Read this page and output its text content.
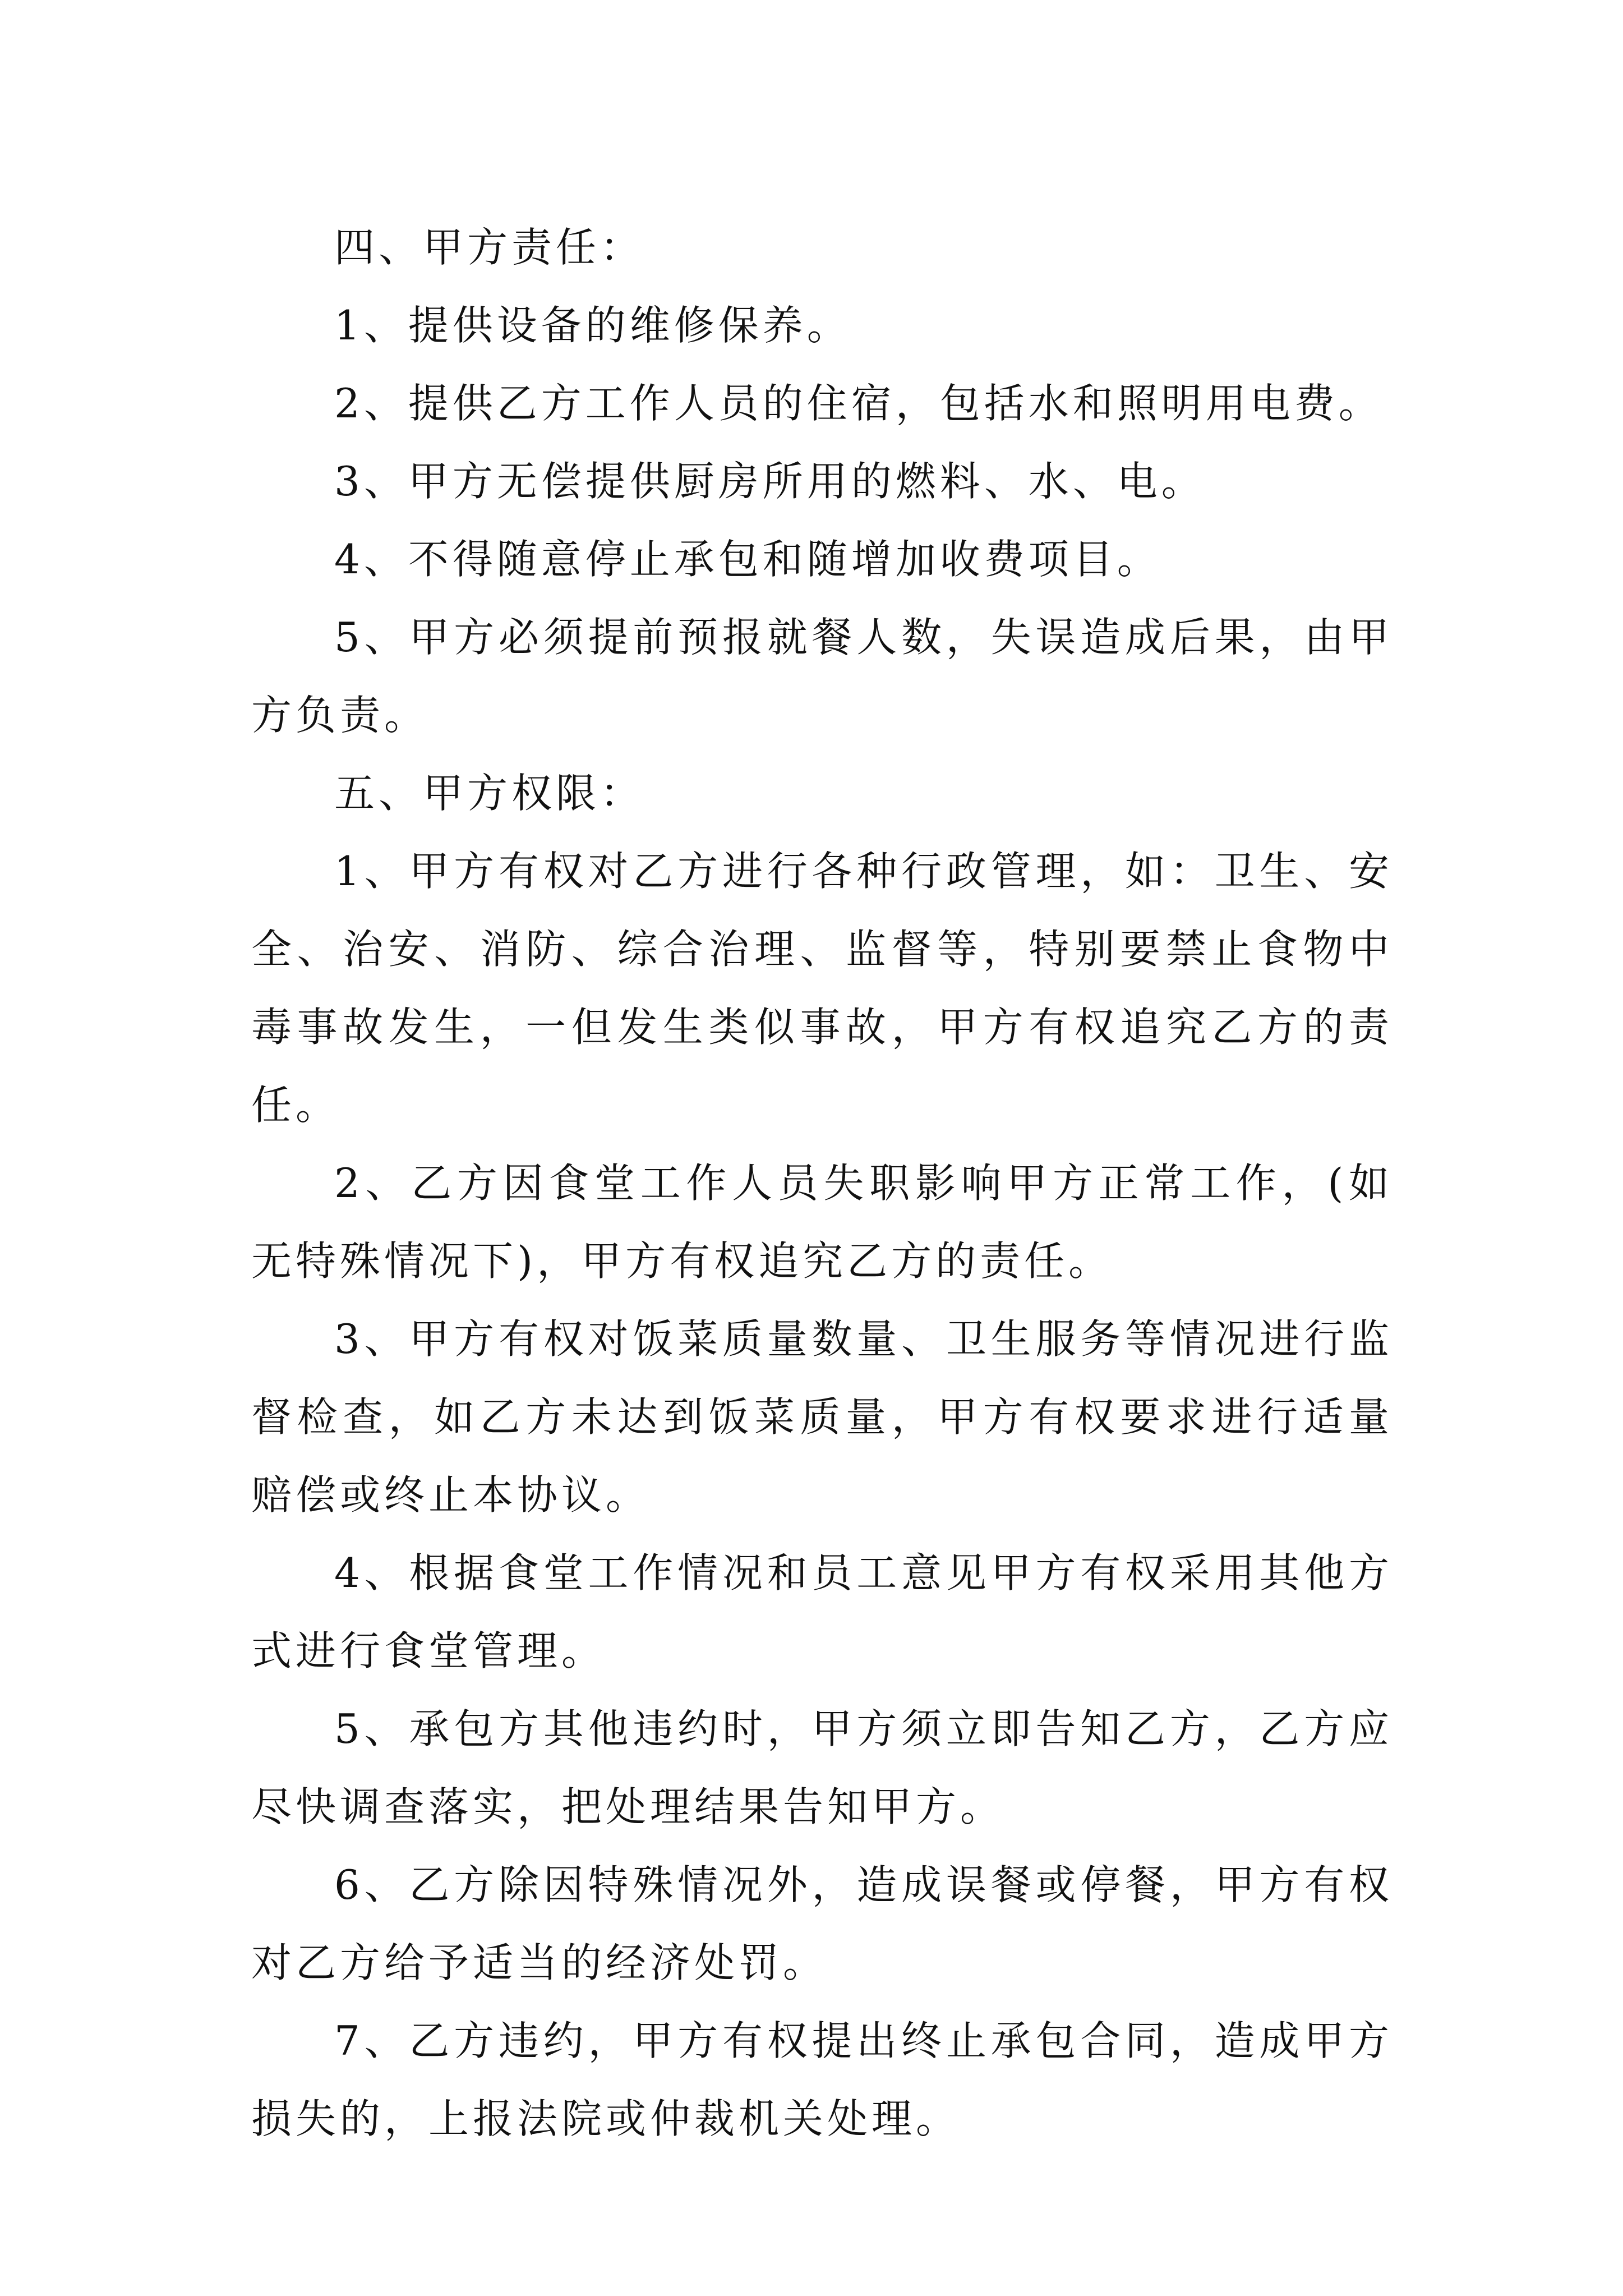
四、甲方责任：

1、提供设备的维修保养。

2、提供乙方工作人员的住宿，包括水和照明用电费。

3、甲方无偿提供厨房所用的燃料、水、电。

4、不得随意停止承包和随增加收费项目。

5、甲方必须提前预报就餐人数，失误造成后果，由甲方负责。

五、甲方权限：

1、甲方有权对乙方进行各种行政管理，如：卫生、安全、治安、消防、综合治理、监督等，特别要禁止食物中毒事故发生，一但发生类似事故，甲方有权追究乙方的责任。

2、乙方因食堂工作人员失职影响甲方正常工作，(如无特殊情况下)，甲方有权追究乙方的责任。

3、甲方有权对饭菜质量数量、卫生服务等情况进行监督检查，如乙方未达到饭菜质量，甲方有权要求进行适量赔偿或终止本协议。

4、根据食堂工作情况和员工意见甲方有权采用其他方式进行食堂管理。

5、承包方其他违约时，甲方须立即告知乙方，乙方应尽快调查落实，把处理结果告知甲方。

6、乙方除因特殊情况外，造成误餐或停餐，甲方有权对乙方给予适当的经济处罚。

7、乙方违约，甲方有权提出终止承包合同，造成甲方损失的，上报法院或仲裁机关处理。
